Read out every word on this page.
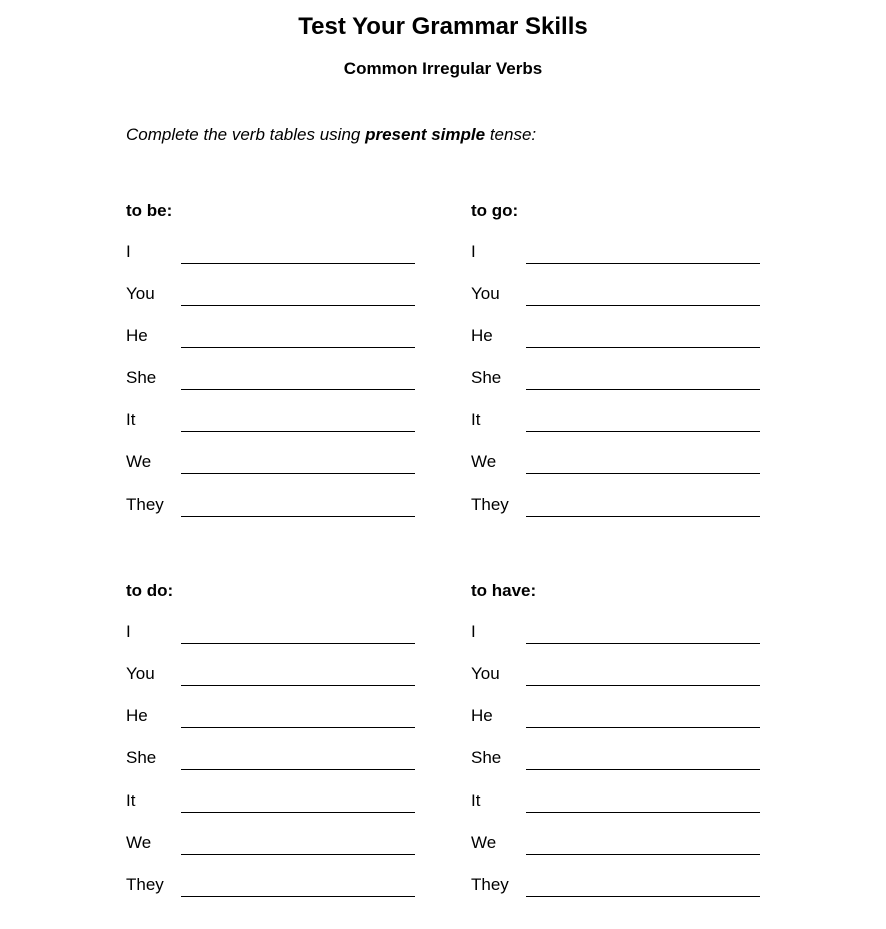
Test Your Grammar Skills
Common Irregular Verbs
Complete the verb tables using present simple tense:
to be:
I
You
He
She
It
We
They
to go:
I
You
He
She
It
We
They
to do:
I
You
He
She
It
We
They
to have:
I
You
He
She
It
We
They
